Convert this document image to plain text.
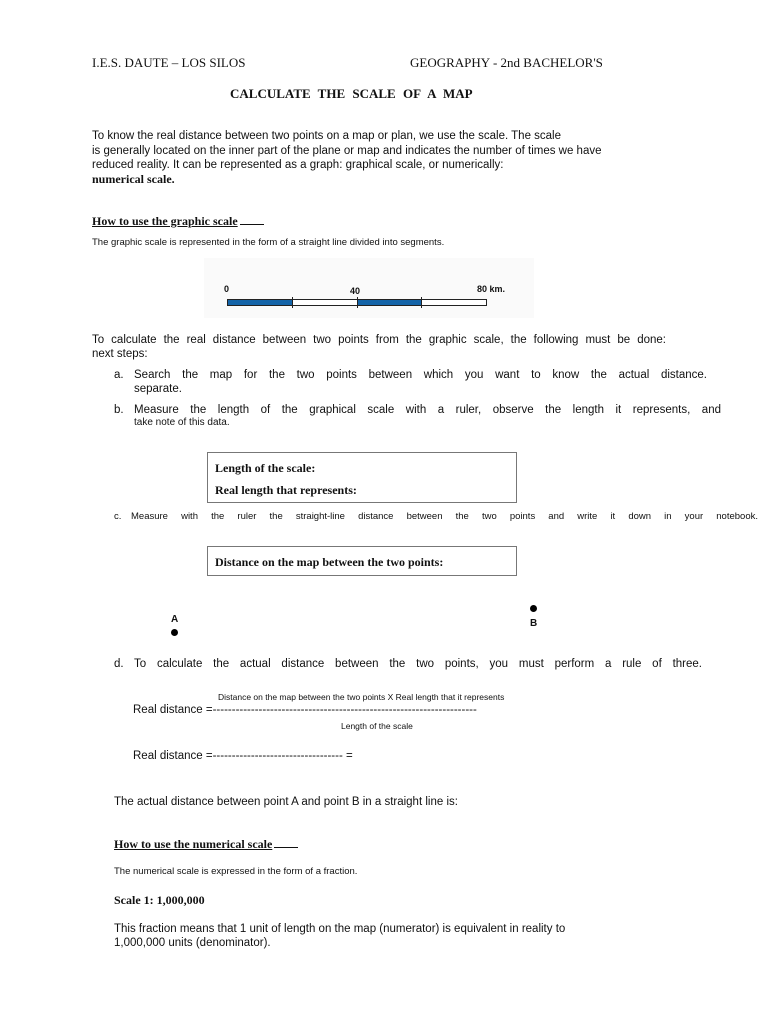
I.E.S. DAUTE – LOS SILOS	GEOGRAPHY - 2nd BACHELOR'S
CALCULATE THE SCALE OF A MAP
To know the real distance between two points on a map or plan, we use the scale. The scale
is generally located on the inner part of the plane or map and indicates the number of times we have
reduced reality. It can be represented as a graph: graphical scale, or numerically:
numerical scale.
How to use the graphic scale
The graphic scale is represented in the form of a straight line divided into segments.
0	40	80 km.
To calculate the real distance between two points from the graphic scale, the following must be done:
next steps:
a. Search the map for the two points between which you want to know the actual distance.
separate.
b. Measure the length of the graphical scale with a ruler, observe the length it represents, and
take note of this data.
Length of the scale:
Real length that represents:
c. Measure with the ruler the straight-line distance between the two points and write it down in your notebook.
Distance on the map between the two points:
A	B
d. To calculate the actual distance between the two points, you must perform a rule of three.
Distance on the map between the two points X Real length that it represents
Real distance =---------------------------------------------------------------------
Length of the scale
Real distance =---------------------------------- =
The actual distance between point A and point B in a straight line is:
How to use the numerical scale
The numerical scale is expressed in the form of a fraction.
Scale 1: 1,000,000
This fraction means that 1 unit of length on the map (numerator) is equivalent in reality to
1,000,000 units (denominator).
